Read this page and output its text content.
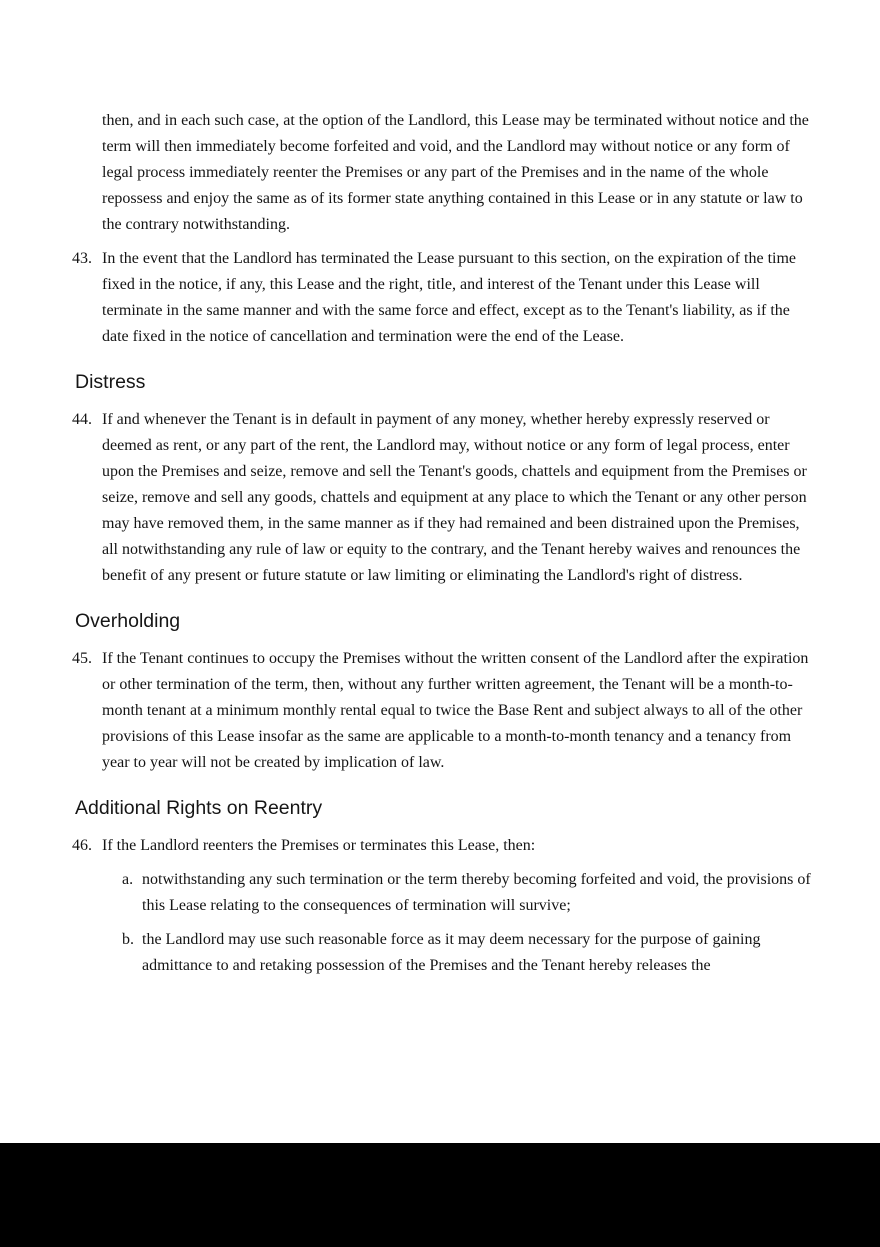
then, and in each such case, at the option of the Landlord, this Lease may be terminated without notice and the term will then immediately become forfeited and void, and the Landlord may without notice or any form of legal process immediately reenter the Premises or any part of the Premises and in the name of the whole repossess and enjoy the same as of its former state anything contained in this Lease or in any statute or law to the contrary notwithstanding.

43. In the event that the Landlord has terminated the Lease pursuant to this section, on the expiration of the time fixed in the notice, if any, this Lease and the right, title, and interest of the Tenant under this Lease will terminate in the same manner and with the same force and effect, except as to the Tenant's liability, as if the date fixed in the notice of cancellation and termination were the end of the Lease.
Distress
44. If and whenever the Tenant is in default in payment of any money, whether hereby expressly reserved or deemed as rent, or any part of the rent, the Landlord may, without notice or any form of legal process, enter upon the Premises and seize, remove and sell the Tenant's goods, chattels and equipment from the Premises or seize, remove and sell any goods, chattels and equipment at any place to which the Tenant or any other person may have removed them, in the same manner as if they had remained and been distrained upon the Premises, all notwithstanding any rule of law or equity to the contrary, and the Tenant hereby waives and renounces the benefit of any present or future statute or law limiting or eliminating the Landlord's right of distress.
Overholding
45. If the Tenant continues to occupy the Premises without the written consent of the Landlord after the expiration or other termination of the term, then, without any further written agreement, the Tenant will be a month-to-month tenant at a minimum monthly rental equal to twice the Base Rent and subject always to all of the other provisions of this Lease insofar as the same are applicable to a month-to-month tenancy and a tenancy from year to year will not be created by implication of law.
Additional Rights on Reentry
46. If the Landlord reenters the Premises or terminates this Lease, then:
a. notwithstanding any such termination or the term thereby becoming forfeited and void, the provisions of this Lease relating to the consequences of termination will survive;
b. the Landlord may use such reasonable force as it may deem necessary for the purpose of gaining admittance to and retaking possession of the Premises and the Tenant hereby releases the
